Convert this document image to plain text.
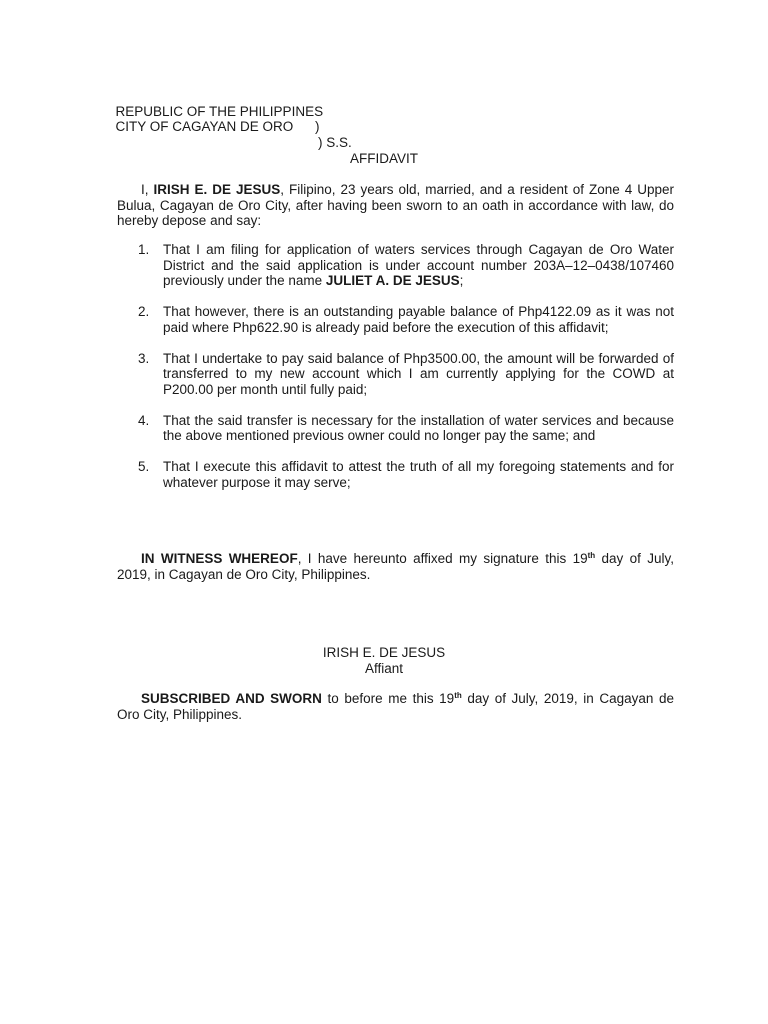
REPUBLIC OF THE PHILIPPINES

)

CITY OF CAGAYAN DE ORO

) S.S.

AFFIDAVIT
I, IRISH E. DE JESUS, Filipino, 23 years old, married, and a resident of Zone 4 Upper Bulua, Cagayan de Oro City, after having been sworn to an oath in accordance with law, do hereby depose and say:
1. That I am filing for application of waters services through Cagayan de Oro Water District and the said application is under account number 203A–12–0438/107460 previously under the name JULIET A. DE JESUS;
2. That however, there is an outstanding payable balance of Php4122.09 as it was not paid where Php622.90 is already paid before the execution of this affidavit;
3. That I undertake to pay said balance of Php3500.00, the amount will be forwarded of transferred to my new account which I am currently applying for the COWD at P200.00 per month until fully paid;
4. That the said transfer is necessary for the installation of water services and because the above mentioned previous owner could no longer pay the same; and
5. That I execute this affidavit to attest the truth of all my foregoing statements and for whatever purpose it may serve;
IN WITNESS WHEREOF, I have hereunto affixed my signature this 19th day of July, 2019, in Cagayan de Oro City, Philippines.
IRISH E. DE JESUS
Affiant
SUBSCRIBED AND SWORN to before me this 19th day of July, 2019, in Cagayan de Oro City, Philippines.
